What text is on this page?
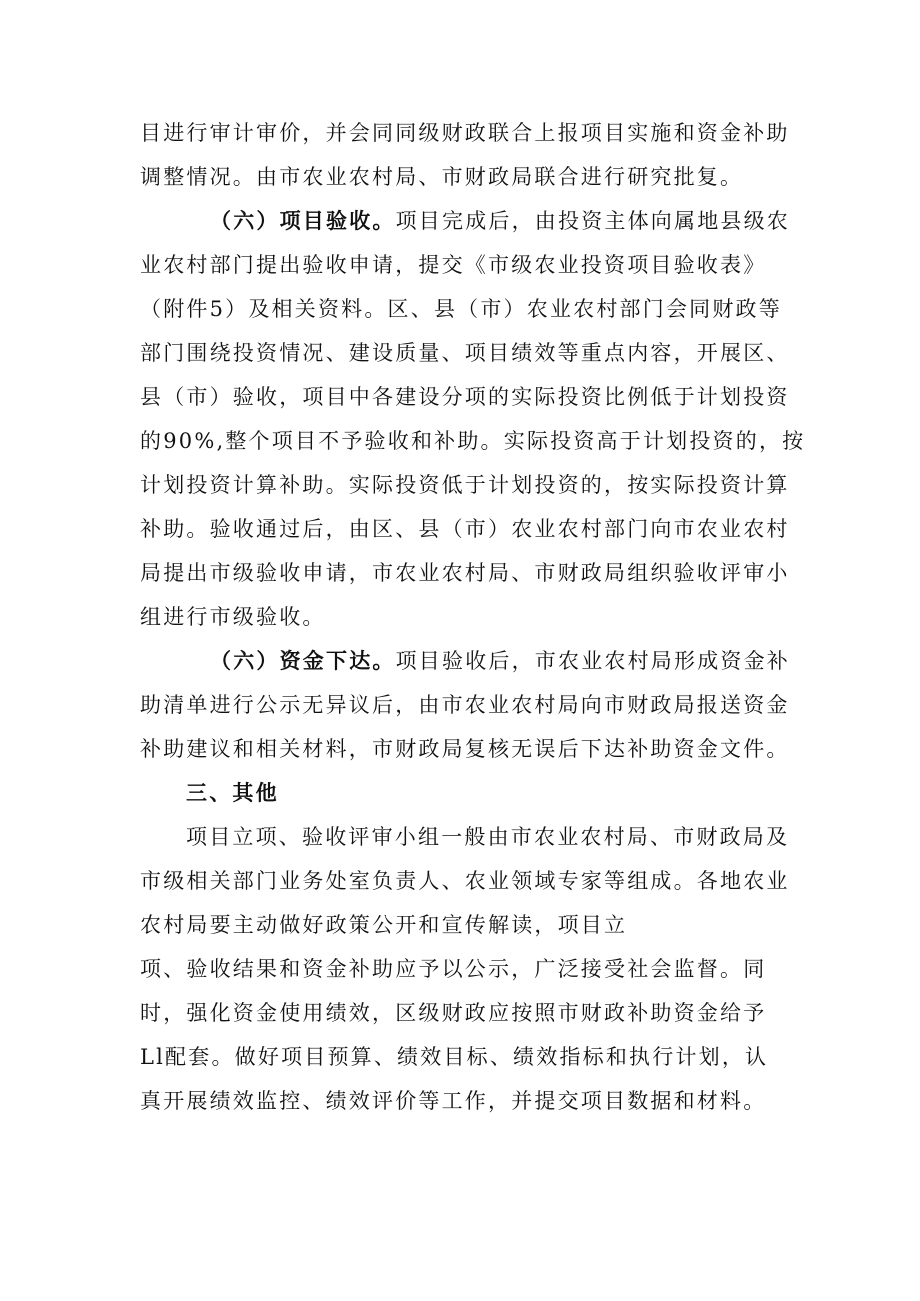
目进行审计审价，并会同同级财政联合上报项目实施和资金补助
调整情况。由市农业农村局、市财政局联合进行研究批复。
（六）项目验收。项目完成后，由投资主体向属地县级农
业农村部门提出验收申请，提交《市级农业投资项目验收表》
（附件5）及相关资料。区、县（市）农业农村部门会同财政等
部门围绕投资情况、建设质量、项目绩效等重点内容，开展区、
县（市）验收，项目中各建设分项的实际投资比例低于计划投资
的90%,整个项目不予验收和补助。实际投资高于计划投资的，按
计划投资计算补助。实际投资低于计划投资的，按实际投资计算
补助。验收通过后，由区、县（市）农业农村部门向市农业农村
局提出市级验收申请，市农业农村局、市财政局组织验收评审小
组进行市级验收。
（六）资金下达。项目验收后，市农业农村局形成资金补
助清单进行公示无异议后，由市农业农村局向市财政局报送资金
补助建议和相关材料，市财政局复核无误后下达补助资金文件。
三、其他
项目立项、验收评审小组一般由市农业农村局、市财政局及
市级相关部门业务处室负责人、农业领域专家等组成。各地农业
农村局要主动做好政策公开和宣传解读，项目立
项、验收结果和资金补助应予以公示，广泛接受社会监督。同
时，强化资金使用绩效，区级财政应按照市财政补助资金给予
Ll配套。做好项目预算、绩效目标、绩效指标和执行计划，认
真开展绩效监控、绩效评价等工作，并提交项目数据和材料。
